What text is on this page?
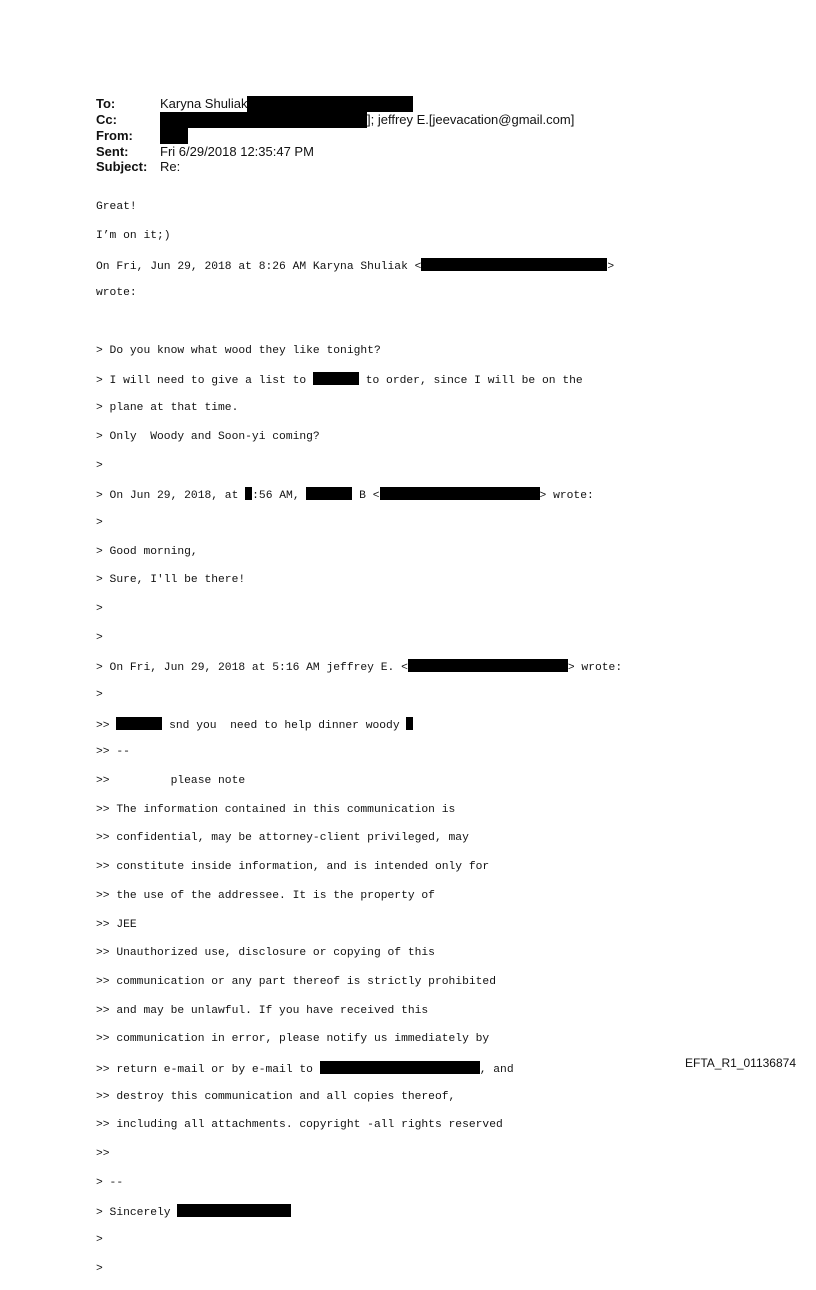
To:	Karyna Shuliak
Cc:	]; jeffrey E.[jeevacation@gmail.com]
From:
Sent: Fri 6/29/2018 12:35:47 PM
Subject: Re:

Great!

I’m on it;)

On Fri, Jun 29, 2018 at 8:26 AM Karyna Shuliak <	>

wrote:

> Do you know what wood they like tonight?

> I will need to give a list to	to order, since I will be on the

> plane at that time.

> Only  Woody and Soon-yi coming?

>

> On Jun 29, 2018, at :56 AM,	B <	> wrote:

>

> Good morning,

> Sure, I'll be there!

>

>

> On Fri, Jun 29, 2018 at 5:16 AM jeffrey E. <	> wrote:

>

>>	snd you  need to help dinner woody

>> --

>>         please note

>> The information contained in this communication is

>> confidential, may be attorney-client privileged, may

>> constitute inside information, and is intended only for

>> the use of the addressee. It is the property of

>> JEE

>> Unauthorized use, disclosure or copying of this

>> communication or any part thereof is strictly prohibited

>> and may be unlawful. If you have received this

>> communication in error, please notify us immediately by

>> return e-mail or by e-mail to	, and

>> destroy this communication and all copies thereof,

>> including all attachments. copyright -all rights reserved

>>

> --

> Sincerely

>

>

EFTA_R1_01136874
